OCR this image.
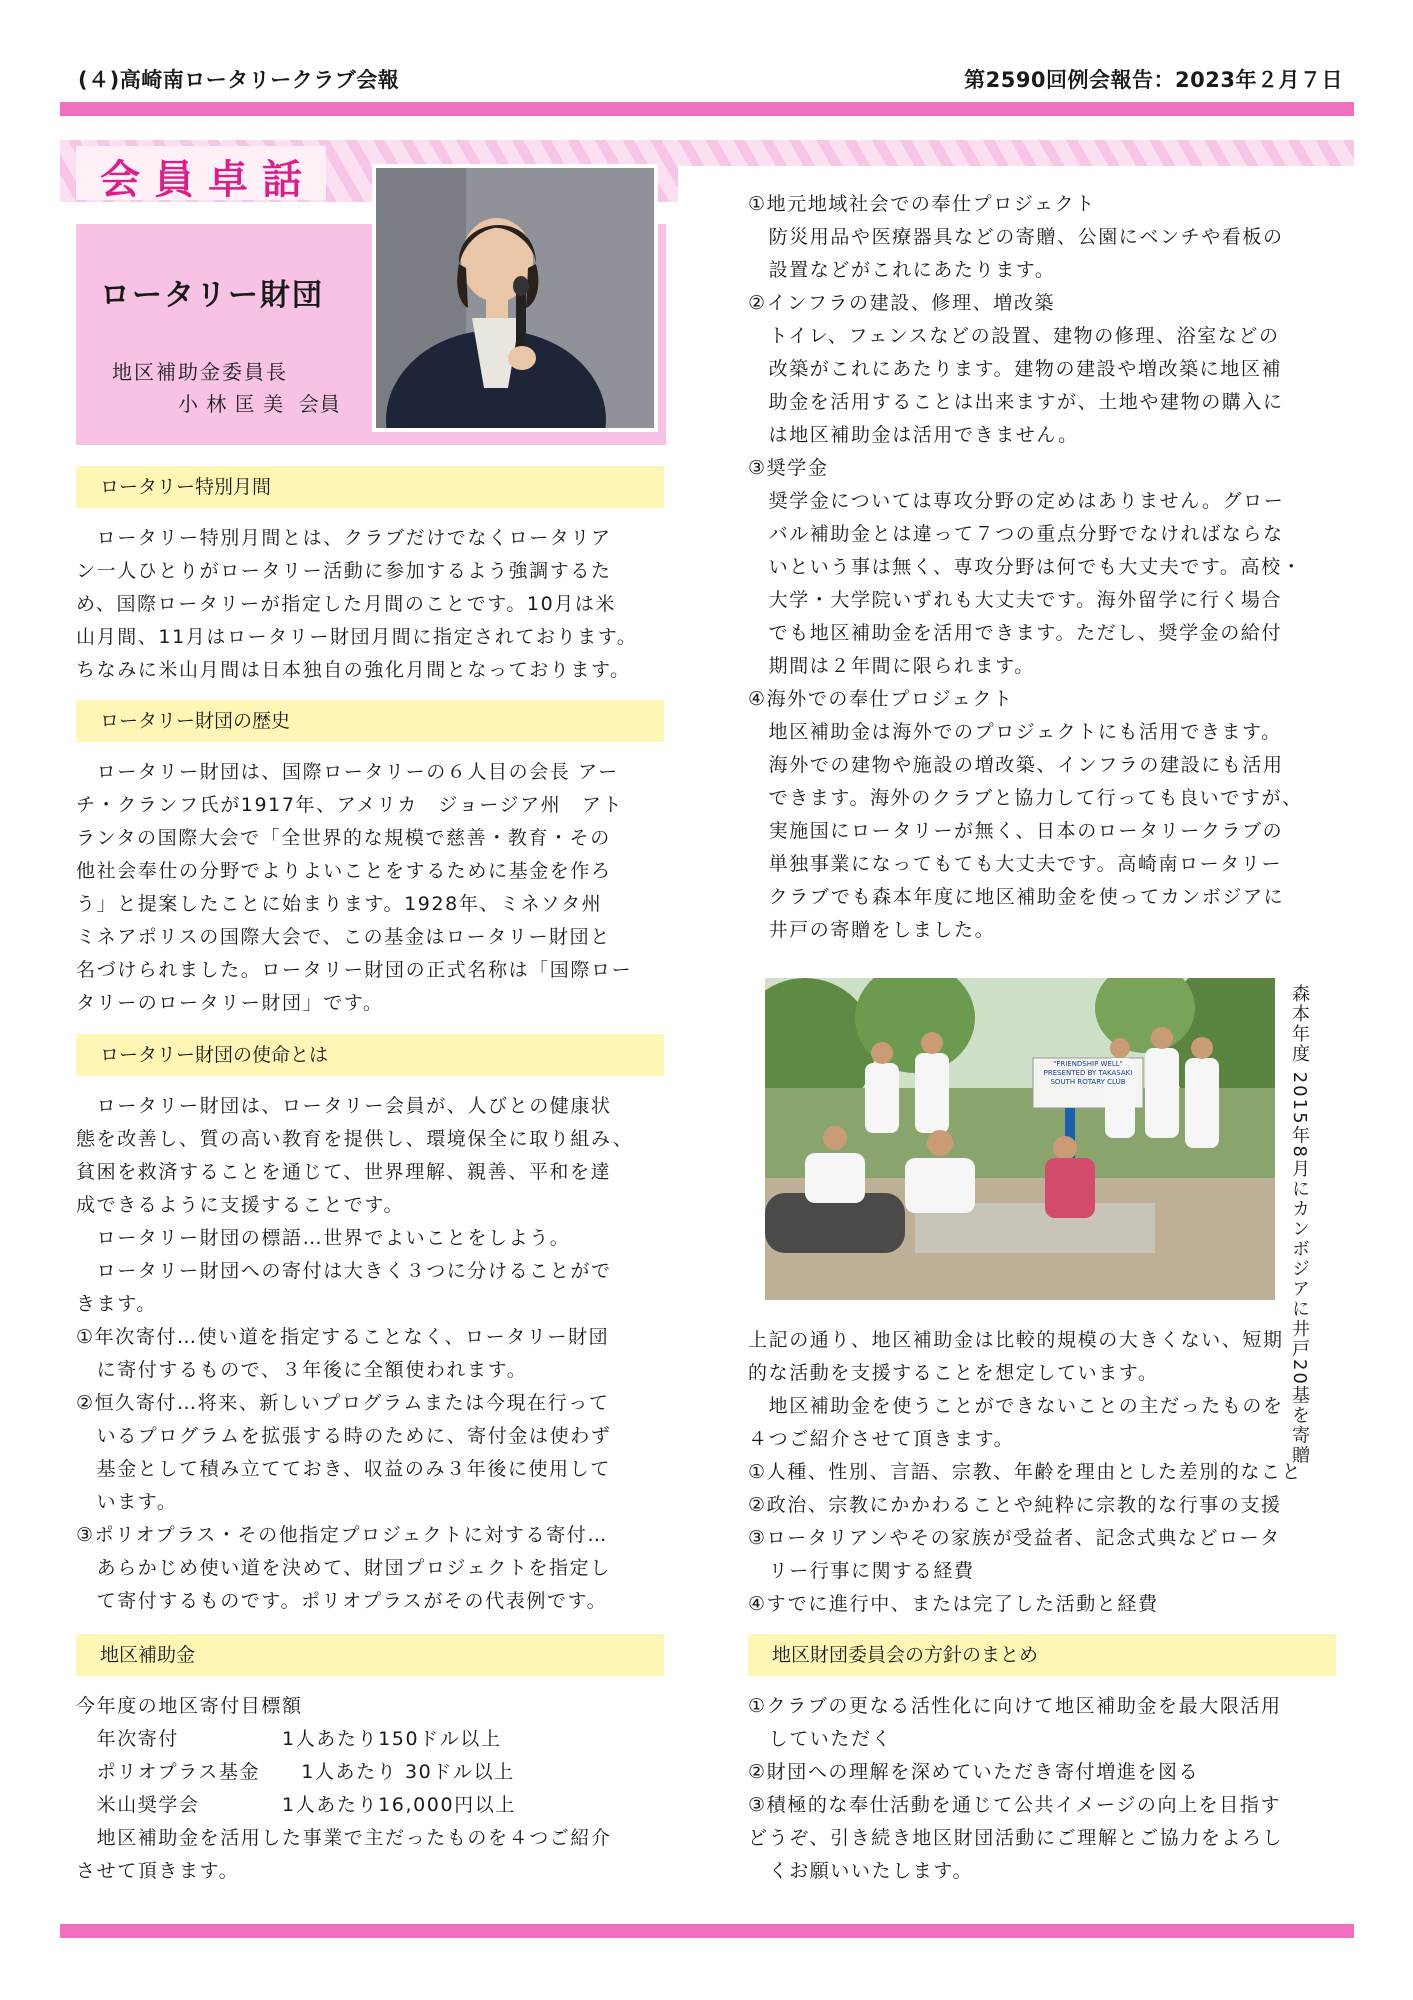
(４)高崎南ロータリークラブ会報	第2590回例会報告：2023年２月７日
会員卓話
ロータリー財団
地区補助金委員長
小 林 匡 美  会員
ロータリー特別月間
　ロータリー特別月間とは、クラブだけでなくロータリア
ン一人ひとりがロータリー活動に参加するよう強調するた
め、国際ロータリーが指定した月間のことです。10月は米
山月間、11月はロータリー財団月間に指定されております。
ちなみに米山月間は日本独自の強化月間となっております。
ロータリー財団の歴史
　ロータリー財団は、国際ロータリーの６人目の会長 アー
チ・クランフ氏が1917年、アメリカ　ジョージア州　アト
ランタの国際大会で「全世界的な規模で慈善・教育・その
他社会奉仕の分野でよりよいことをするために基金を作ろ
う」と提案したことに始まります。1928年、ミネソタ州
ミネアポリスの国際大会で、この基金はロータリー財団と
名づけられました。ロータリー財団の正式名称は「国際ロー
タリーのロータリー財団」です。
ロータリー財団の使命とは
　ロータリー財団は、ロータリー会員が、人びとの健康状
態を改善し、質の高い教育を提供し、環境保全に取り組み、
貧困を救済することを通じて、世界理解、親善、平和を達
成できるように支援することです。
　ロータリー財団の標語…世界でよいことをしよう。
　ロータリー財団への寄付は大きく３つに分けることがで
きます。
①年次寄付…使い道を指定することなく、ロータリー財団
　に寄付するもので、３年後に全額使われます。
②恒久寄付…将来、新しいプログラムまたは今現在行って
　いるプログラムを拡張する時のために、寄付金は使わず
　基金として積み立てておき、収益のみ３年後に使用して
　います。
③ポリオプラス・その他指定プロジェクトに対する寄付…
　あらかじめ使い道を決めて、財団プロジェクトを指定し
　て寄付するものです。ポリオプラスがその代表例です。
地区補助金
今年度の地区寄付目標額
　年次寄付　　　　　1人あたり150ドル以上
　ポリオプラス基金　　1人あたり 30ドル以上
　米山奨学会　　　　1人あたり16,000円以上
　地区補助金を活用した事業で主だったものを４つご紹介
させて頂きます。
①地元地域社会での奉仕プロジェクト
　防災用品や医療器具などの寄贈、公園にベンチや看板の
　設置などがこれにあたります。
②インフラの建設、修理、増改築
　トイレ、フェンスなどの設置、建物の修理、浴室などの
　改築がこれにあたります。建物の建設や増改築に地区補
　助金を活用することは出来ますが、土地や建物の購入に
　は地区補助金は活用できません。
③奨学金
　奨学金については専攻分野の定めはありません。グロー
　バル補助金とは違って７つの重点分野でなければならな
　いという事は無く、専攻分野は何でも大丈夫です。高校・
　大学・大学院いずれも大丈夫です。海外留学に行く場合
　でも地区補助金を活用できます。ただし、奨学金の給付
　期間は２年間に限られます。
④海外での奉仕プロジェクト
　地区補助金は海外でのプロジェクトにも活用できます。
　海外での建物や施設の増改築、インフラの建設にも活用
　できます。海外のクラブと協力して行っても良いですが、
　実施国にロータリーが無く、日本のロータリークラブの
　単独事業になってもても大丈夫です。高崎南ロータリー
　クラブでも森本年度に地区補助金を使ってカンボジアに
　井戸の寄贈をしました。
"FRIENDSHIP WELL" PRESENTED BY TAKASAKI SOUTH ROTARY CLUB	森本年度 2015年8月にカンボジアに井戸20基を寄贈
上記の通り、地区補助金は比較的規模の大きくない、短期
的な活動を支援することを想定しています。
　地区補助金を使うことができないことの主だったものを
４つご紹介させて頂きます。
①人種、性別、言語、宗教、年齢を理由とした差別的なこと
②政治、宗教にかかわることや純粋に宗教的な行事の支援
③ロータリアンやその家族が受益者、記念式典などロータ
　リー行事に関する経費
④すでに進行中、または完了した活動と経費
地区財団委員会の方針のまとめ
①クラブの更なる活性化に向けて地区補助金を最大限活用
　していただく
②財団への理解を深めていただき寄付増進を図る
③積極的な奉仕活動を通じて公共イメージの向上を目指す
どうぞ、引き続き地区財団活動にご理解とご協力をよろし
　くお願いいたします。
